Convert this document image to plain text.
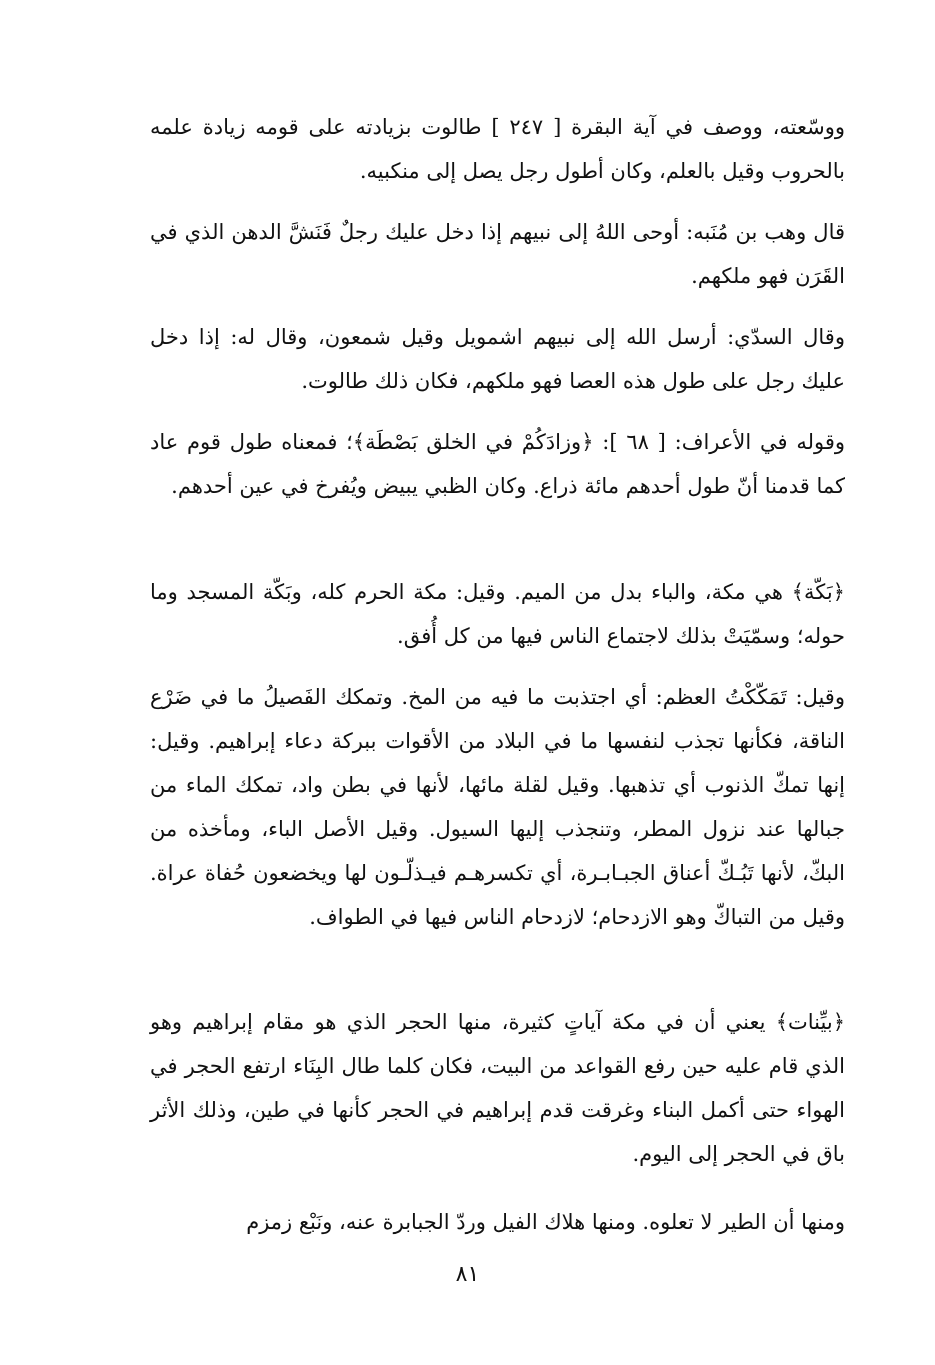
ووسّعته، ووصف في آية البقرة [ ٢٤٧ ] طالوت بزيادته على قومه زيادة علمه بالحروب وقيل بالعلم، وكان أطول رجل يصل إلى منكبيه.

قال وهب بن مُنَبه: أوحى اللهُ إلى نبيهم إذا دخل عليك رجلٌ فَنَشَّ الدهن الذي في القَرَن فهو ملكهم.

وقال السدّي: أرسل الله إلى نبيهم اشمويل وقيل شمعون، وقال له: إذا دخل عليك رجل على طول هذه العصا فهو ملكهم، فكان ذلك طالوت.

وقوله في الأعراف: [ ٦٨ ]: ﴿وزادَكُمْ في الخلق بَصْطَة﴾؛ فمعناه طول قوم عاد كما قدمنا أنّ طول أحدهم مائة ذراع. وكان الظبي يبيض ويُفرخ في عين أحدهم.

﴿بَكّة﴾ هي مكة، والباء بدل من الميم. وقيل: مكة الحرم كله، وبَكّة المسجد وما حوله؛ وسمّيَتْ بذلك لاجتماع الناس فيها من كل أُفق.

وقيل: تَمَكّكْتُ العظم: أي اجتذبت ما فيه من المخ. وتمكك الفَصيلُ ما في ضَرْع الناقة، فكأنها تجذب لنفسها ما في البلاد من الأقوات ببركة دعاء إبراهيم. وقيل: إنها تمكّ الذنوب أي تذهبها. وقيل لقلة مائها، لأنها في بطن واد، تمكك الماء من جبالها عند نزول المطر، وتنجذب إليها السيول. وقيل الأصل الباء، ومأخذه من البكّ، لأنها تَبُـكّ أعناق الجبـابـرة، أي تكسرهـم فيـذلّـون لها ويخضعون حُفاة عراة. وقيل من التباكّ وهو الازدحام؛ لازدحام الناس فيها في الطواف.

﴿بيِّنات﴾ يعني أن في مكة آياتٍ كثيرة، منها الحجر الذي هو مقام إبراهيم وهو الذي قام عليه حين رفع القواعد من البيت، فكان كلما طال البِنَاء ارتفع الحجر في الهواء حتى أكمل البناء وغرقت قدم إبراهيم في الحجر كأنها في طين، وذلك الأثر باق في الحجر إلى اليوم.

ومنها أن الطير لا تعلوه. ومنها هلاك الفيل وردّ الجبابرة عنه، ونَبْع زمزم

٨١
